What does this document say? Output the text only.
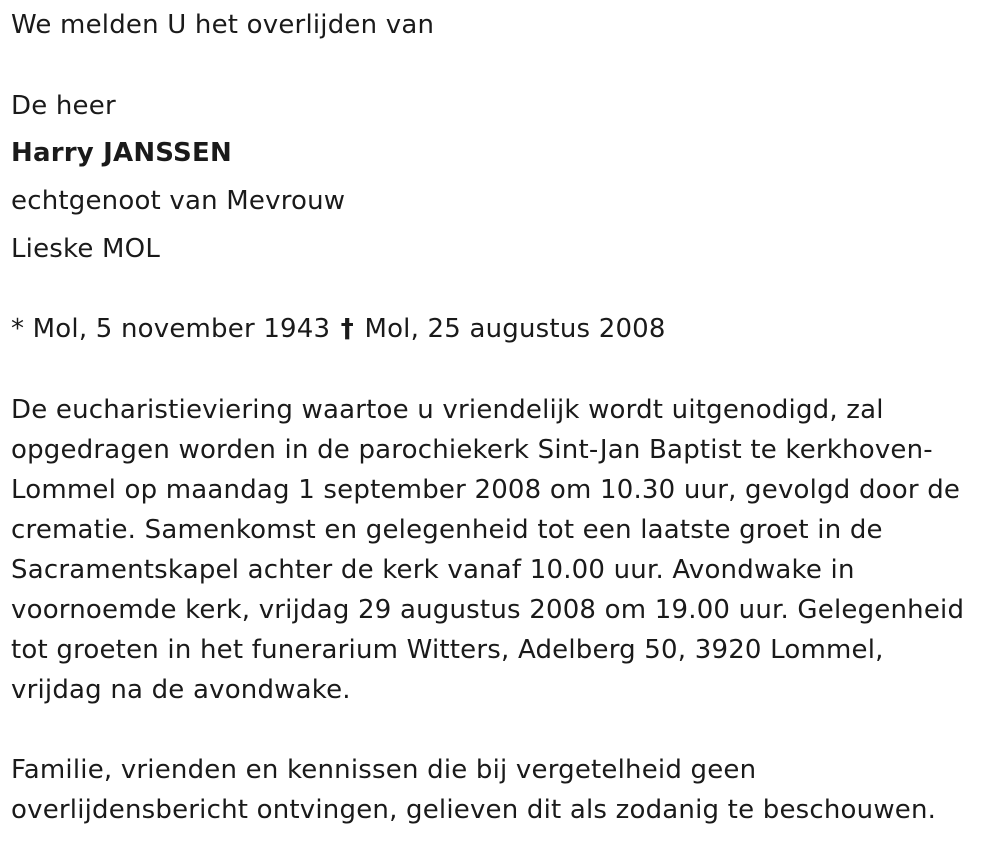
We melden U het overlijden van
De heer
Harry JANSSEN
echtgenoot van Mevrouw
Lieske MOL
* Mol, 5 november 1943 † Mol, 25 augustus 2008
De eucharistieviering waartoe u vriendelijk wordt uitgenodigd, zal
opgedragen worden in de parochiekerk Sint-Jan Baptist te kerkhoven-
Lommel op maandag 1 september 2008 om 10.30 uur, gevolgd door de
crematie. Samenkomst en gelegenheid tot een laatste groet in de
Sacramentskapel achter de kerk vanaf 10.00 uur. Avondwake in
voornoemde kerk, vrijdag 29 augustus 2008 om 19.00 uur. Gelegenheid
tot groeten in het funerarium Witters, Adelberg 50, 3920 Lommel,
vrijdag na de avondwake.
Familie, vrienden en kennissen die bij vergetelheid geen
overlijdensbericht ontvingen, gelieven dit als zodanig te beschouwen.
